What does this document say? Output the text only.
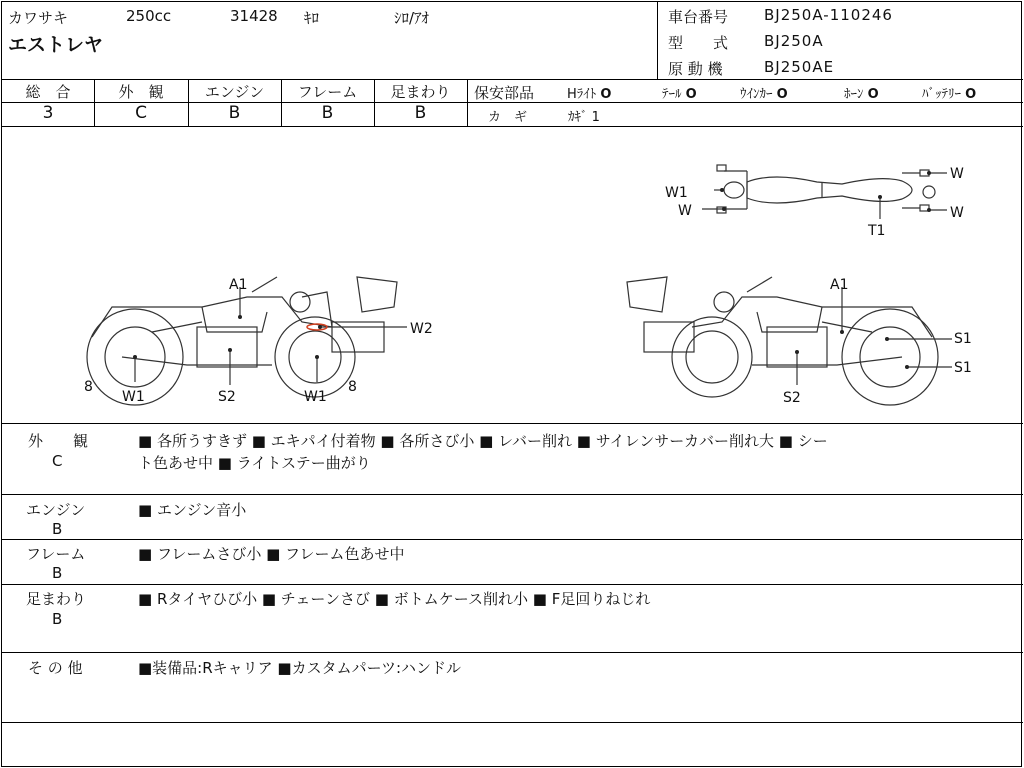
カワサキ	250cc	31428 ｷﾛ	ｼﾛ/ｱｵ
エストレヤ
車台番号 BJ250A-110246
型　　式 BJ250A
原 動 機	BJ250AE
総　合	外　観	エンジン	フレーム	足まわり
3	C	B	B	B
保安部品	Hﾗｲﾄ O	ﾃｰﾙ O	ｳｲﾝｶｰ O	ﾎｰﾝ O	ﾊﾞｯﾃﾘｰ O
カ　ギ	ｶｷﾞ 1
W1
W
W
W
T1
A1
W2
8
W1	S2	W1
8
A1
S1
S1
S2
外　　観
C
■ 各所うすきず ■ エキパイ付着物 ■ 各所さび小 ■ レバー削れ ■ サイレンサーカバー削れ大 ■ シー
ト色あせ中 ■ ライトステー曲がり
エンジン
B
■ エンジン音小
フレーム
B
■ フレームさび小 ■ フレーム色あせ中
足まわり
B
■ Rタイヤひび小 ■ チェーンさび ■ ボトムケース削れ小 ■ F足回りねじれ
そ の 他	■装備品:Rキャリア ■カスタムパーツ:ハンドル
